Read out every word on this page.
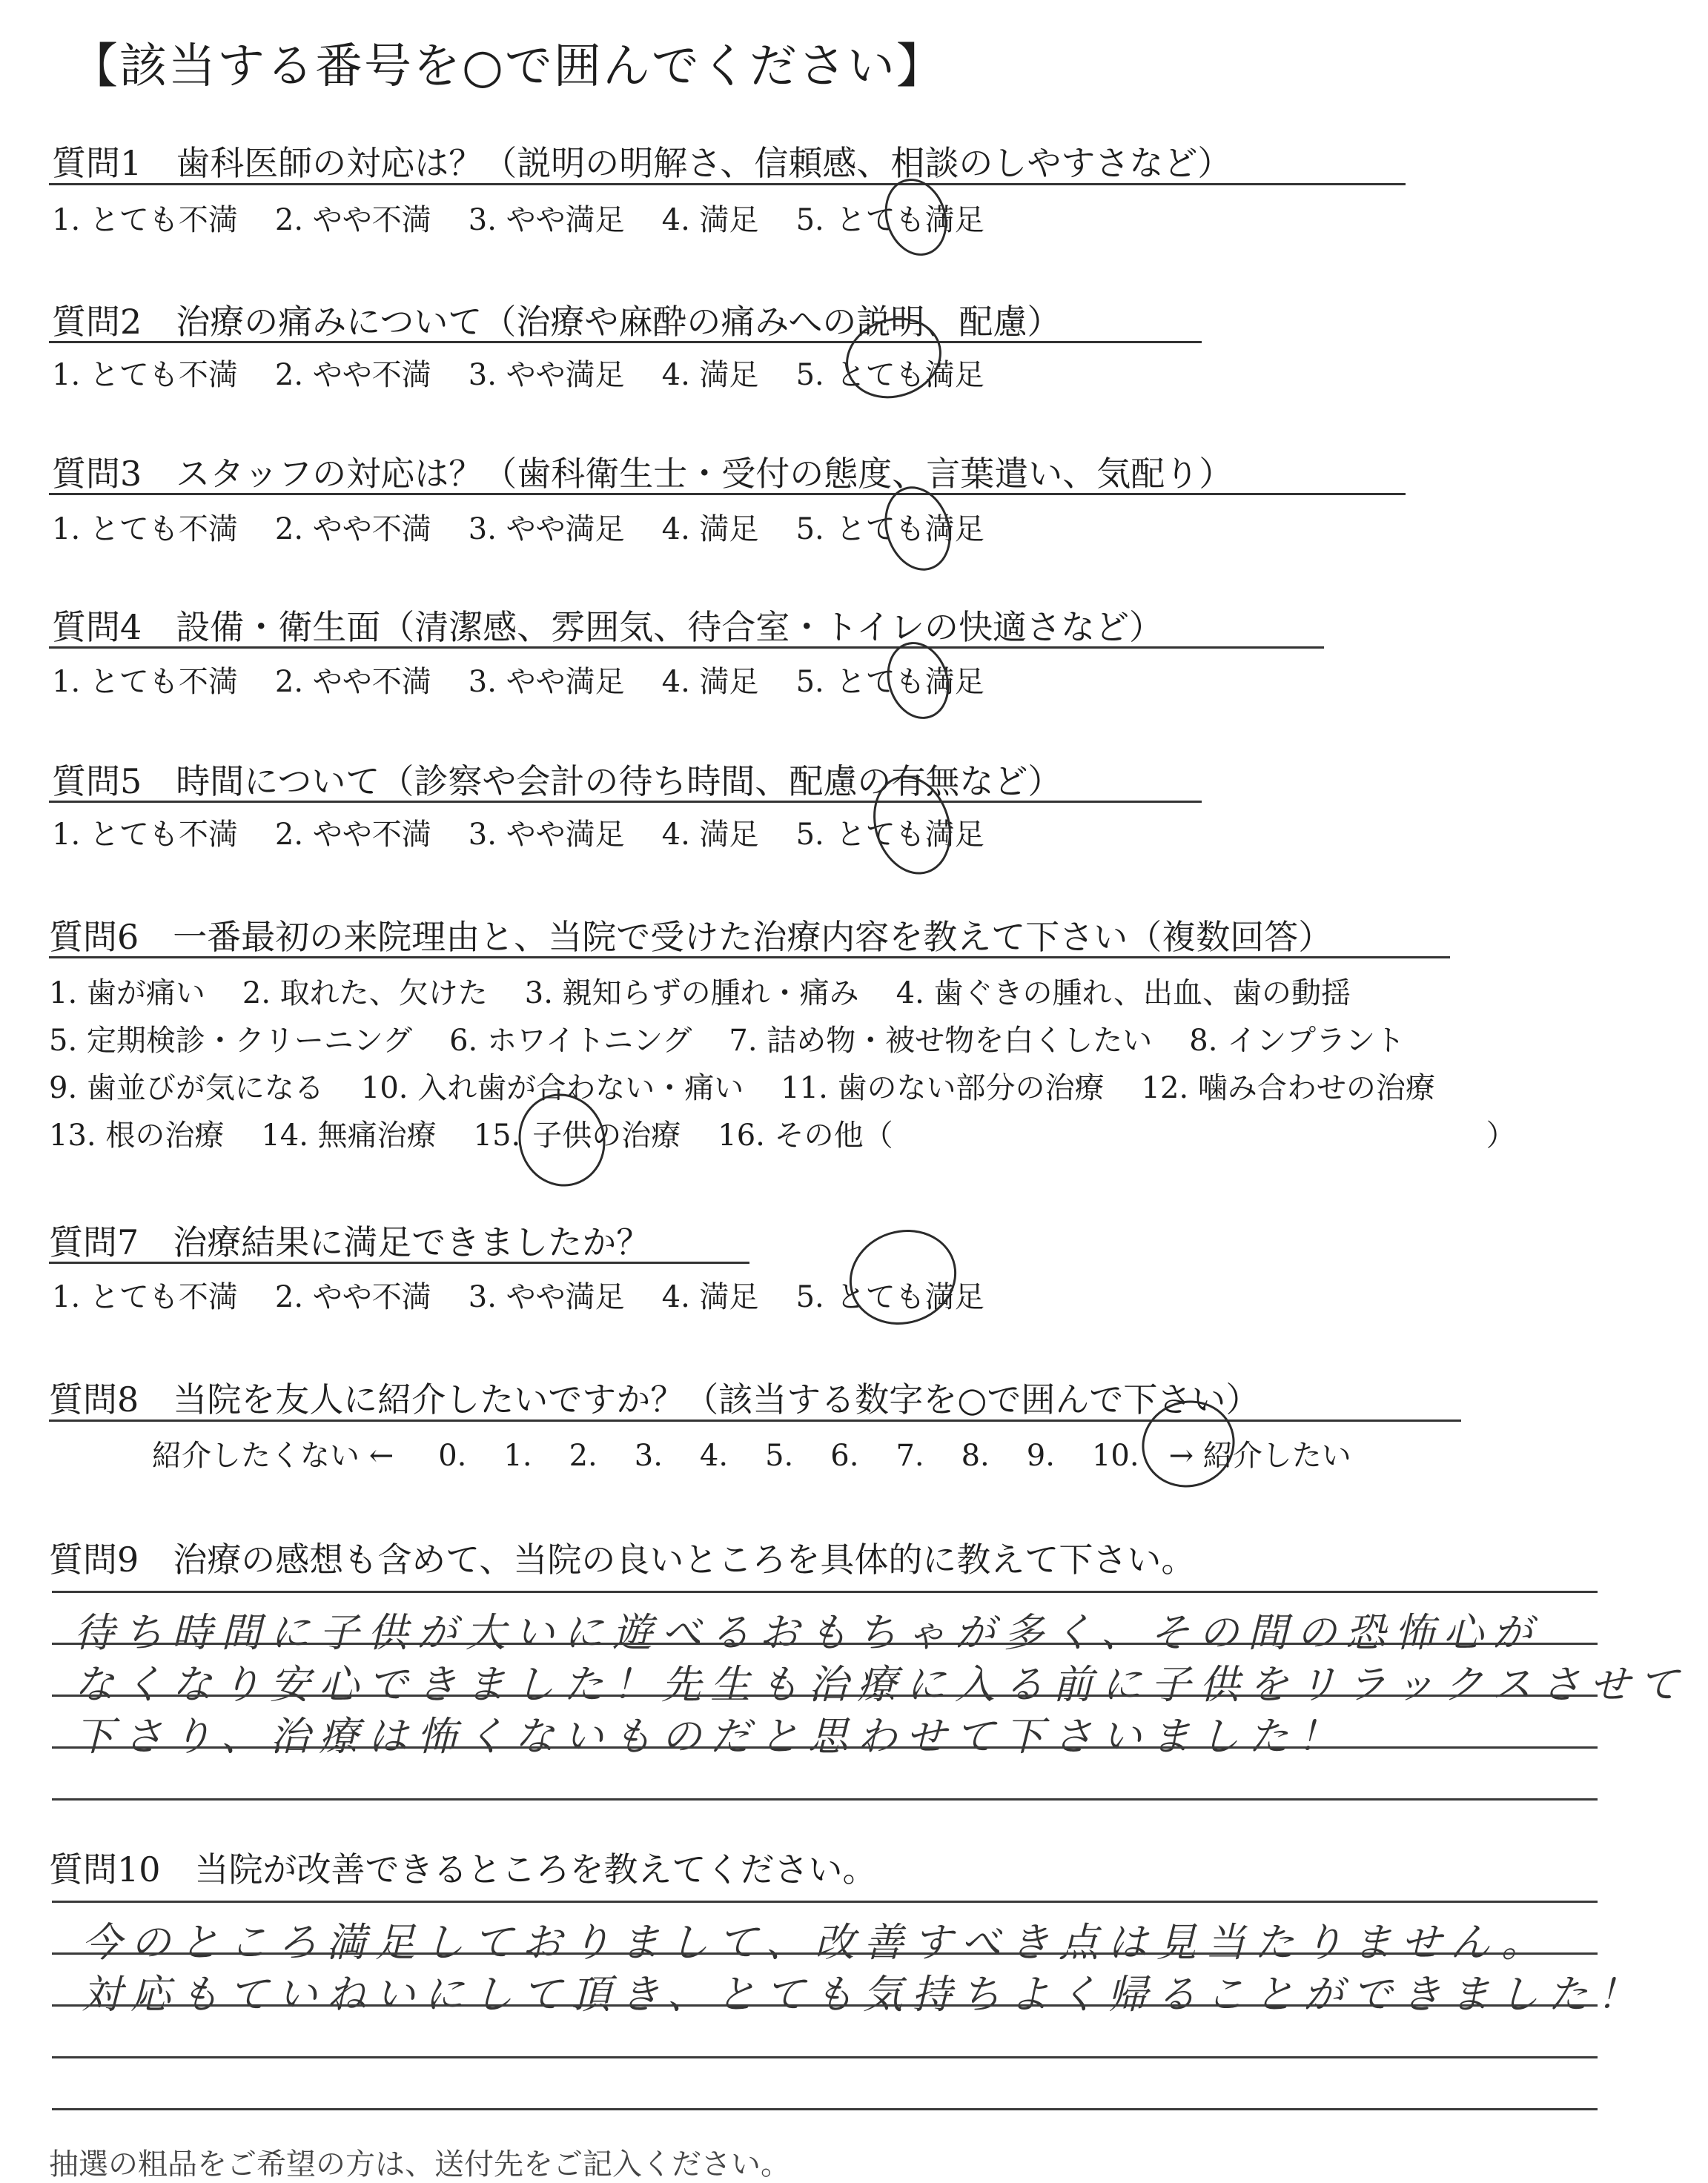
【該当する番号を○で囲んでください】
質問1　歯科医師の対応は？（説明の明解さ、信頼感、相談のしやすさなど）
1. とても不満 2. やや不満 3. やや満足 4. 満足 5. とても満足
質問2　治療の痛みについて（治療や麻酔の痛みへの説明、配慮）
1. とても不満 2. やや不満 3. やや満足 4. 満足 5. とても満足
質問3　スタッフの対応は？（歯科衛生士・受付の態度、言葉遣い、気配り）
1. とても不満 2. やや不満 3. やや満足 4. 満足 5. とても満足
質問4　設備・衛生面（清潔感、雰囲気、待合室・トイレの快適さなど）
1. とても不満 2. やや不満 3. やや満足 4. 満足 5. とても満足
質問5　時間について（診察や会計の待ち時間、配慮の有無など）
1. とても不満 2. やや不満 3. やや満足 4. 満足 5. とても満足
質問6　一番最初の来院理由と、当院で受けた治療内容を教えて下さい（複数回答）
1. 歯が痛い 2. 取れた、欠けた 3. 親知らずの腫れ・痛み 4. 歯ぐきの腫れ、出血、歯の動揺
5. 定期検診・クリーニング 6. ホワイトニング 7. 詰め物・被せ物を白くしたい 8. インプラント
9. 歯並びが気になる 10. 入れ歯が合わない・痛い 11. 歯のない部分の治療 12. 噛み合わせの治療
13. 根の治療 14. 無痛治療 15. 子供の治療 16. その他（	）
質問7　治療結果に満足できましたか？
1. とても不満 2. やや不満 3. やや満足 4. 満足 5. とても満足
質問8　当院を友人に紹介したいですか？（該当する数字を○で囲んで下さい）
紹介したくない ← 0. 1. 2. 3. 4. 5. 6. 7. 8. 9. 10. → 紹介したい
質問9　治療の感想も含めて、当院の良いところを具体的に教えて下さい。
待ち時間に子供が大いに遊べるおもちゃが多く、その間の恐怖心が
なくなり安心できました！先生も治療に入る前に子供をリラックスさせて
下さり、治療は怖くないものだと思わせて下さいました！
質問10　当院が改善できるところを教えてください。
今のところ満足しておりまして、改善すべき点は見当たりません。
対応もていねいにして頂き、とても気持ちよく帰ることができました！
抽選の粗品をご希望の方は、送付先をご記入ください。
